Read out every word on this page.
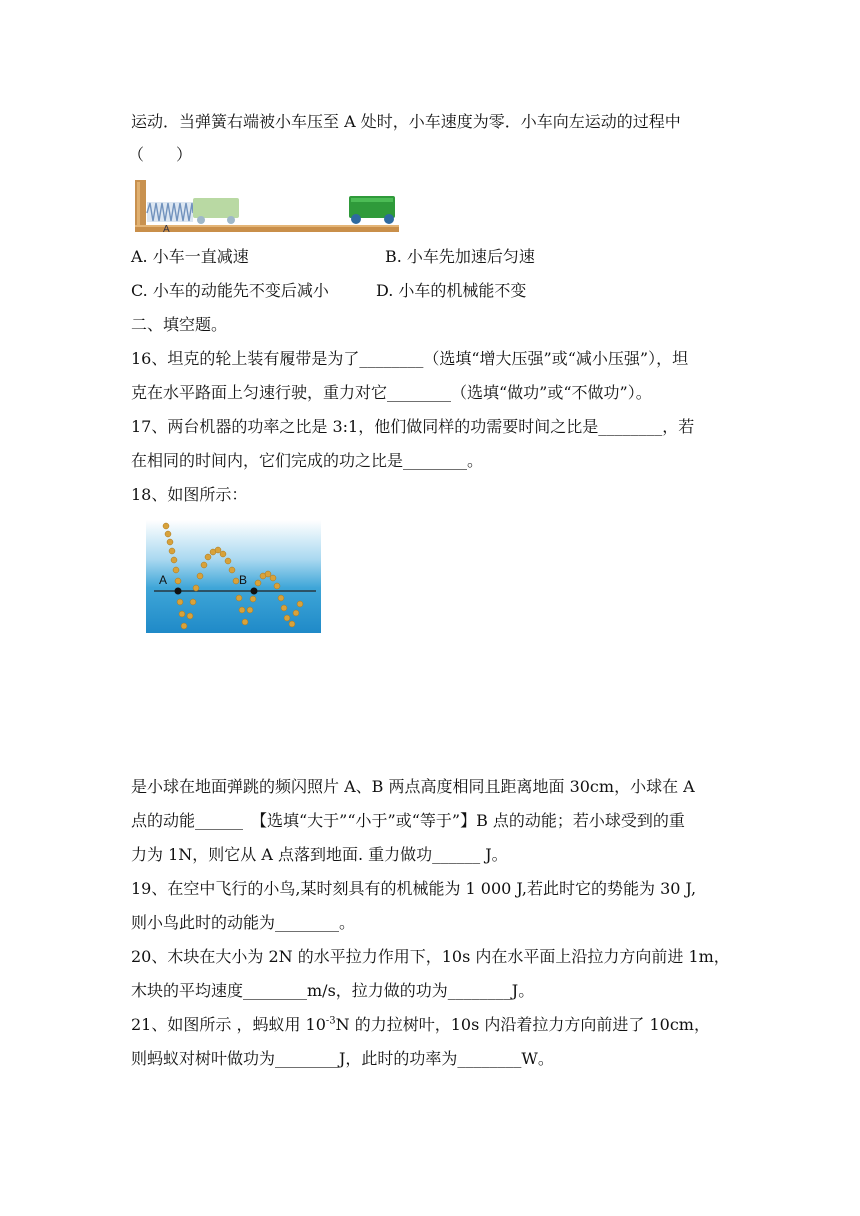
运动．当弹簧右端被小车压至 A 处时，小车速度为零．小车向左运动的过程中
（　　）
A
A. 小车一直减速	B. 小车先加速后匀速
C. 小车的动能先不变后减小	D. 小车的机械能不变
二、填空题。
16、坦克的轮上装有履带是为了________（选填“增大压强”或“减小压强”），坦
克在水平路面上匀速行驶，重力对它________（选填“做功”或“不做功”）。
17、两台机器的功率之比是 3:1，他们做同样的功需要时间之比是________，若
在相同的时间内，它们完成的功之比是________。
18、如图所示：
A	B
是小球在地面弹跳的频闪照片 A、B 两点高度相同且距离地面 30cm，小球在 A
点的动能______　【选填“大于”“小于”或“等于”】B 点的动能；若小球受到的重
力为 1N，则它从 A 点落到地面. 重力做功______ J。
19、在空中飞行的小鸟,某时刻具有的机械能为 1 000 J,若此时它的势能为 30 J,
则小鸟此时的动能为________。
20、木块在大小为 2N 的水平拉力作用下，10s 内在水平面上沿拉力方向前进 1m，
木块的平均速度________m/s，拉力做的功为________J。
21、如图所示 ，蚂蚁用 $10^{-3}N$ 的力拉树叶，10s 内沿着拉力方向前进了 10cm，
则蚂蚁对树叶做功为________J，此时的功率为________W。
